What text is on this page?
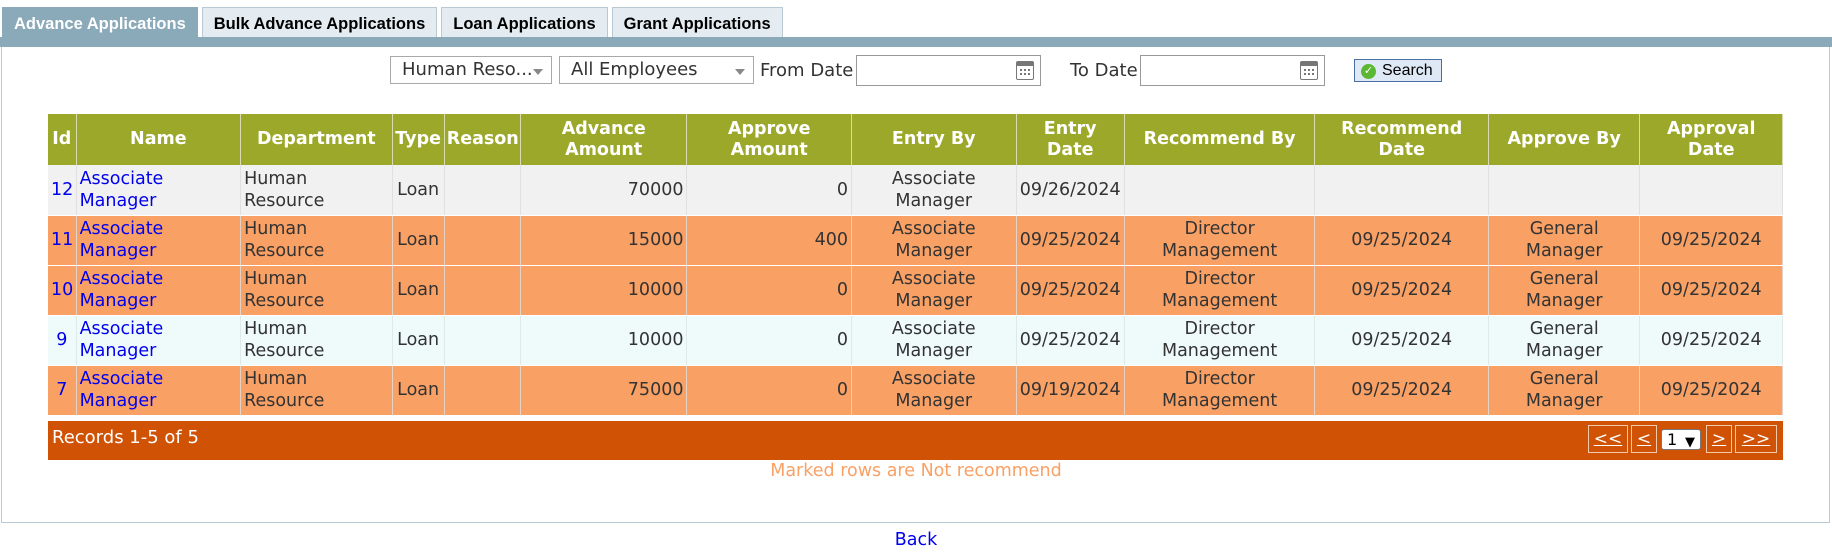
Advance Applications	Bulk Advance Applications	Loan Applications	Grant Applications
Human Reso...	All Employees	From Date	To Date	✓ Search
Id	Name	Department	Type	Reason	Advance Amount	Approve Amount	Entry By	Entry Date	Recommend By	Recommend Date	Approve By	Approval Date
12	Associate Manager	Human Resource	Loan		70000	0	Associate Manager	09/26/2024				
11	Associate Manager	Human Resource	Loan		15000	400	Associate Manager	09/25/2024	Director Management	09/25/2024	General Manager	09/25/2024
10	Associate Manager	Human Resource	Loan		10000	0	Associate Manager	09/25/2024	Director Management	09/25/2024	General Manager	09/25/2024
9	Associate Manager	Human Resource	Loan		10000	0	Associate Manager	09/25/2024	Director Management	09/25/2024	General Manager	09/25/2024
7	Associate Manager	Human Resource	Loan		75000	0	Associate Manager	09/19/2024	Director Management	09/25/2024	General Manager	09/25/2024
Records 1-5 of 5	<< < 1 ▼ > >>
Marked rows are Not recommend
Back
